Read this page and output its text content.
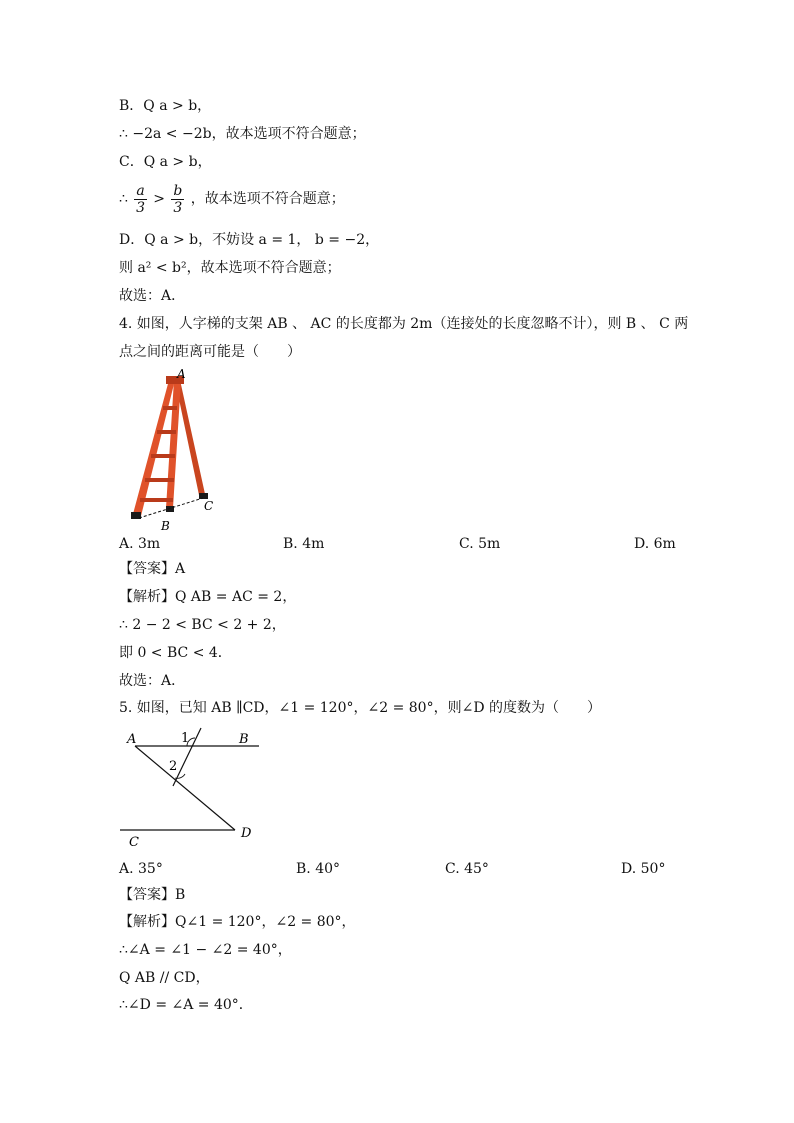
B．Q a > b，
∴ −2a < −2b，故本选项不符合题意；
C．Q a > b，
∴ $\frac{a}{3} > \frac{b}{3}$ ，故本选项不符合题意；
D．Q a > b，不妨设 a = 1， b = −2，
则 a² < b²，故本选项不符合题意；
故选：A．
4. 如图，人字梯的支架 AB 、 AC 的长度都为 2m（连接处的长度忽略不计），则 B 、 C 两
点之间的距离可能是（　　）
A
B
C
A. 3m	B. 4m	C. 5m	D. 6m
【答案】A
【解析】Q AB = AC = 2，
∴ 2 − 2 < BC < 2 + 2，
即 0 < BC < 4．
故选：A．
5. 如图，已知 AB ∥CD，∠1 = 120°，∠2 = 80°，则∠D 的度数为（　　）
A	B
C
D
1
2
A. 35°	B. 40°	C. 45°	D. 50°
【答案】B
【解析】Q∠1 = 120°，∠2 = 80°，
∴∠A = ∠1 − ∠2 = 40°，
Q AB // CD，
∴∠D = ∠A = 40°．
